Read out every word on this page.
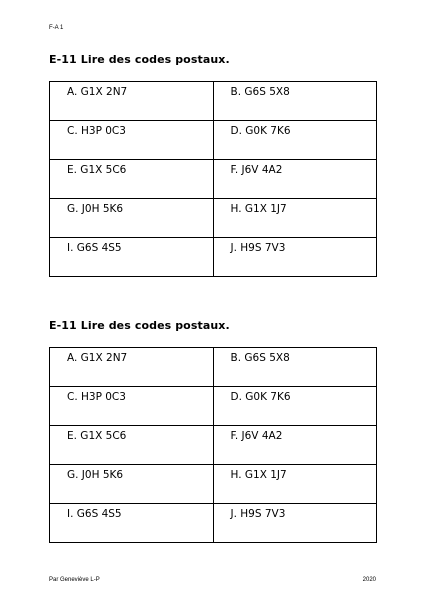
F-A 1
E-11 Lire des codes postaux.
A. G1X 2N7	B. G6S 5X8
C. H3P 0C3	D. G0K 7K6
E. G1X 5C6	F. J6V 4A2
G. J0H 5K6	H. G1X 1J7
I. G6S 4S5	J. H9S 7V3
E-11 Lire des codes postaux.
A. G1X 2N7	B. G6S 5X8
C. H3P 0C3	D. G0K 7K6
E. G1X 5C6	F. J6V 4A2
G. J0H 5K6	H. G1X 1J7
I. G6S 4S5	J. H9S 7V3
Par Geneviève L-P	2020
